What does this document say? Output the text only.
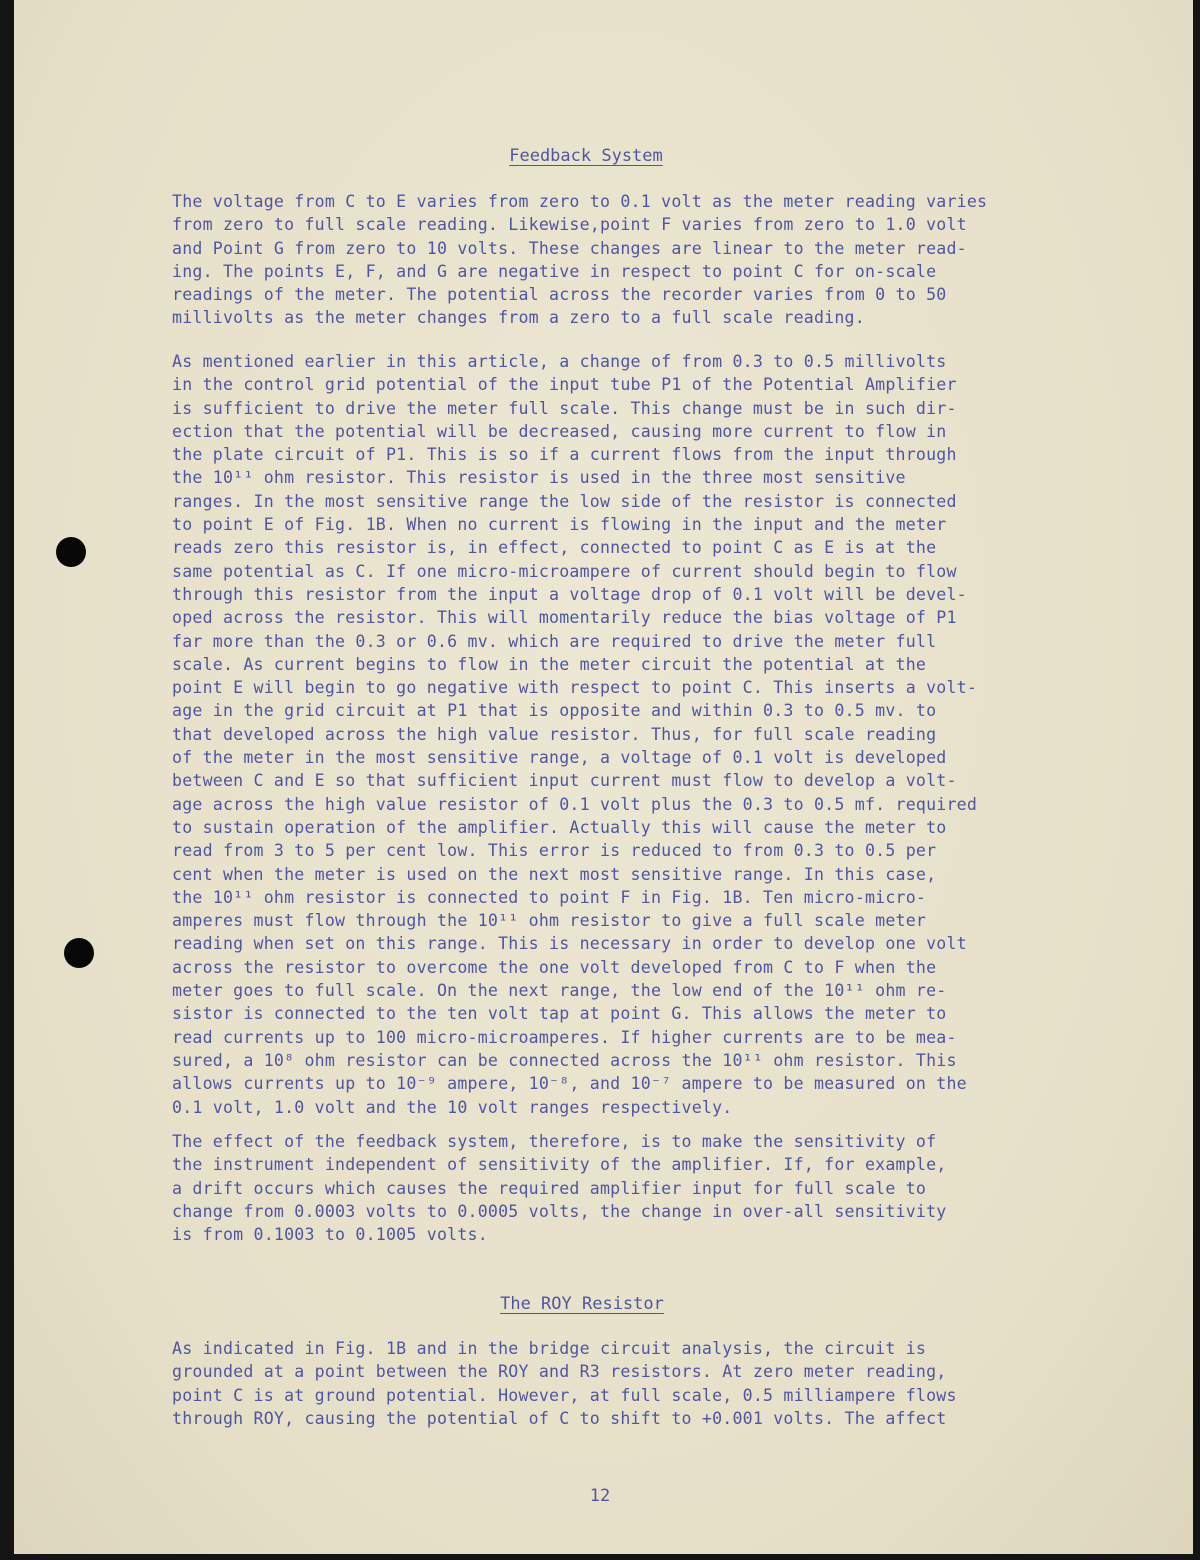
Feedback System
The voltage from C to E varies from zero to 0.1 volt as the meter reading varies
from zero to full scale reading. Likewise,point F varies from zero to 1.0 volt
and Point G from zero to 10 volts. These changes are linear to the meter read-
ing. The points E, F, and G are negative in respect to point C for on-scale
readings of the meter. The potential across the recorder varies from 0 to 50
millivolts as the meter changes from a zero to a full scale reading.
As mentioned earlier in this article, a change of from 0.3 to 0.5 millivolts
in the control grid potential of the input tube P1 of the Potential Amplifier
is sufficient to drive the meter full scale. This change must be in such dir-
ection that the potential will be decreased, causing more current to flow in
the plate circuit of P1. This is so if a current flows from the input through
the 10¹¹ ohm resistor. This resistor is used in the three most sensitive
ranges. In the most sensitive range the low side of the resistor is connected
to point E of Fig. 1B. When no current is flowing in the input and the meter
reads zero this resistor is, in effect, connected to point C as E is at the
same potential as C. If one micro-microampere of current should begin to flow
through this resistor from the input a voltage drop of 0.1 volt will be devel-
oped across the resistor. This will momentarily reduce the bias voltage of P1
far more than the 0.3 or 0.6 mv. which are required to drive the meter full
scale. As current begins to flow in the meter circuit the potential at the
point E will begin to go negative with respect to point C. This inserts a volt-
age in the grid circuit at P1 that is opposite and within 0.3 to 0.5 mv. to
that developed across the high value resistor. Thus, for full scale reading
of the meter in the most sensitive range, a voltage of 0.1 volt is developed
between C and E so that sufficient input current must flow to develop a volt-
age across the high value resistor of 0.1 volt plus the 0.3 to 0.5 mf. required
to sustain operation of the amplifier. Actually this will cause the meter to
read from 3 to 5 per cent low. This error is reduced to from 0.3 to 0.5 per
cent when the meter is used on the next most sensitive range. In this case,
the 10¹¹ ohm resistor is connected to point F in Fig. 1B. Ten micro-micro-
amperes must flow through the 10¹¹ ohm resistor to give a full scale meter
reading when set on this range. This is necessary in order to develop one volt
across the resistor to overcome the one volt developed from C to F when the
meter goes to full scale. On the next range, the low end of the 10¹¹ ohm re-
sistor is connected to the ten volt tap at point G. This allows the meter to
read currents up to 100 micro-microamperes. If higher currents are to be mea-
sured, a 10⁸ ohm resistor can be connected across the 10¹¹ ohm resistor. This
allows currents up to 10⁻⁹ ampere, 10⁻⁸, and 10⁻⁷ ampere to be measured on the
0.1 volt, 1.0 volt and the 10 volt ranges respectively.
The effect of the feedback system, therefore, is to make the sensitivity of
the instrument independent of sensitivity of the amplifier. If, for example,
a drift occurs which causes the required amplifier input for full scale to
change from 0.0003 volts to 0.0005 volts, the change in over-all sensitivity
is from 0.1003 to 0.1005 volts.
The ROY Resistor
As indicated in Fig. 1B and in the bridge circuit analysis, the circuit is
grounded at a point between the ROY and R3 resistors. At zero meter reading,
point C is at ground potential. However, at full scale, 0.5 milliampere flows
through ROY, causing the potential of C to shift to +0.001 volts. The affect
12
